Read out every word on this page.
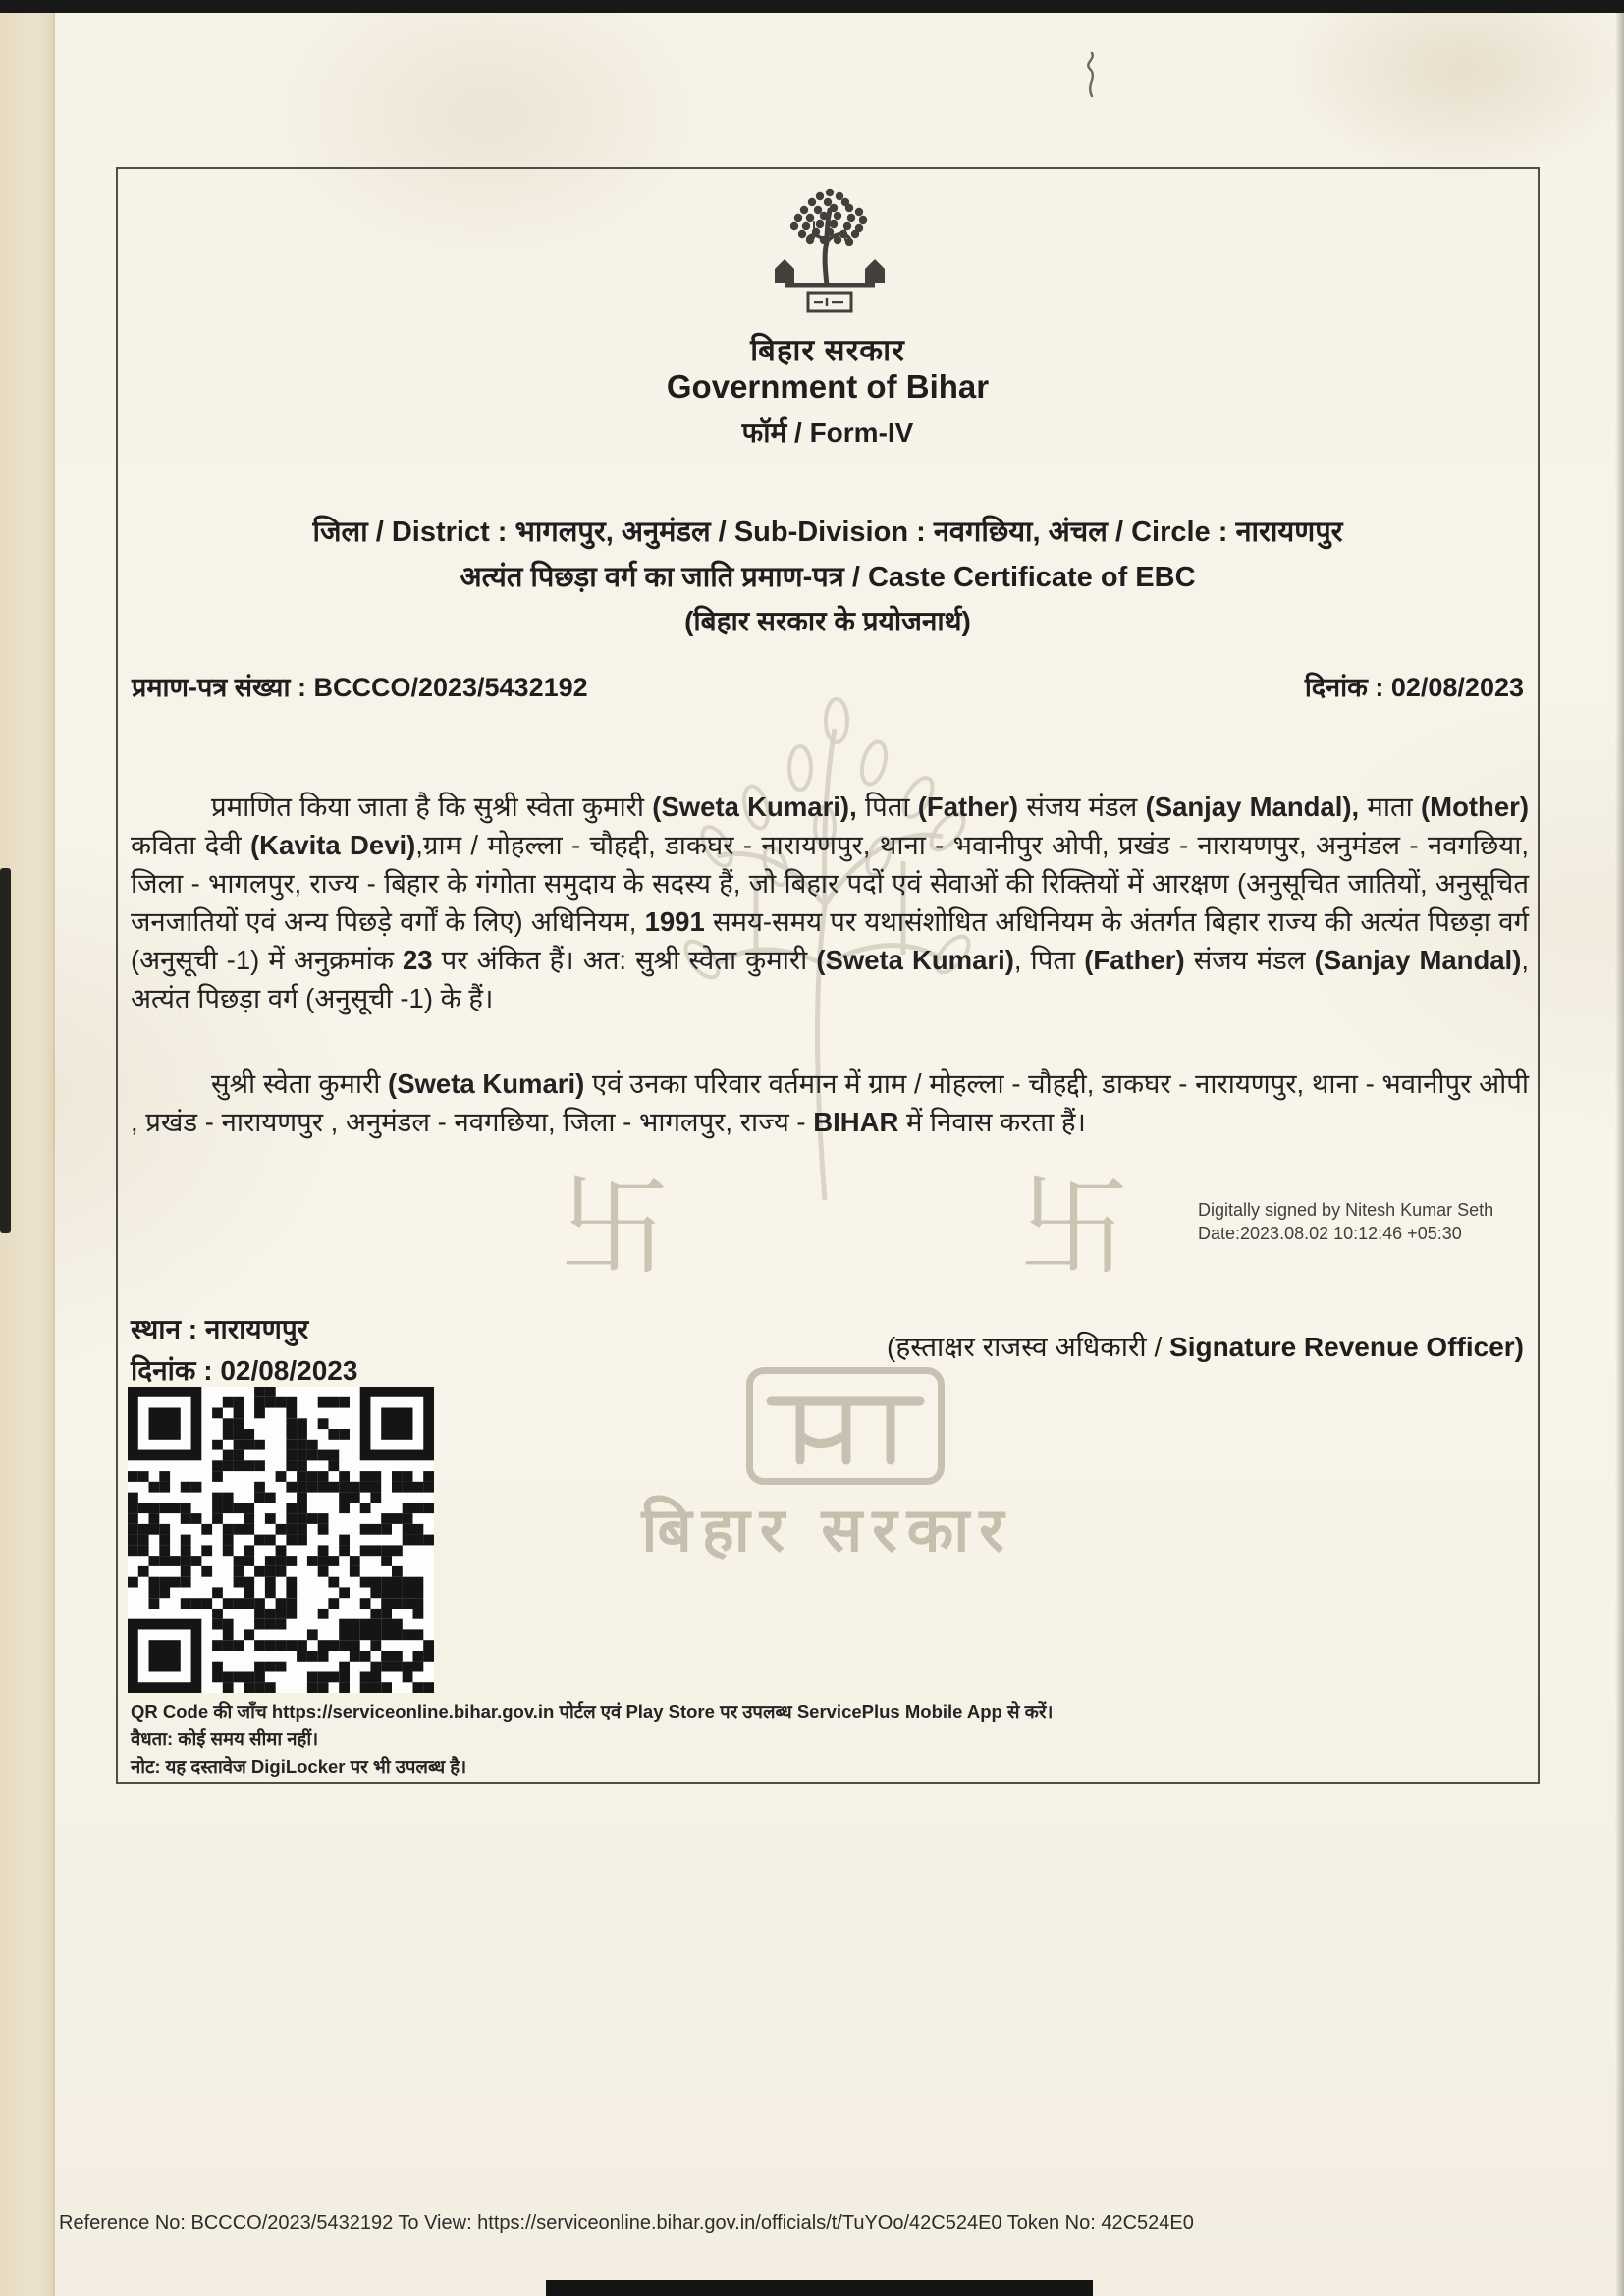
卐	卐
बिहार सरकार
बिहार सरकार
Government of Bihar
फॉर्म / Form-IV
जिला / District : भागलपुर, अनुमंडल / Sub-Division : नवगछिया, अंचल / Circle : नारायणपुर
अत्यंत पिछड़ा वर्ग का जाति प्रमाण-पत्र / Caste Certificate of EBC
(बिहार सरकार के प्रयोजनार्थ)
प्रमाण-पत्र संख्या : BCCCO/2023/5432192	दिनांक : 02/08/2023
प्रमाणित किया जाता है कि सुश्री स्वेता कुमारी (Sweta Kumari), पिता (Father) संजय मंडल (Sanjay Mandal), माता (Mother) कविता देवी (Kavita Devi),ग्राम / मोहल्ला - चौहद्दी, डाकघर - नारायणपुर, थाना - भवानीपुर ओपी, प्रखंड - नारायणपुर, अनुमंडल - नवगछिया, जिला - भागलपुर, राज्य - बिहार के गंगोता समुदाय के सदस्य हैं, जो बिहार पदों एवं सेवाओं की रिक्तियों में आरक्षण (अनुसूचित जातियों, अनुसूचित जनजातियों एवं अन्य पिछड़े वर्गों के लिए) अधिनियम, 1991 समय-समय पर यथासंशोधित अधिनियम के अंतर्गत बिहार राज्य की अत्यंत पिछड़ा वर्ग (अनुसूची -1) में अनुक्रमांक 23 पर अंकित हैं। अत: सुश्री स्वेता कुमारी (Sweta Kumari), पिता (Father) संजय मंडल (Sanjay Mandal), अत्यंत पिछड़ा वर्ग (अनुसूची -1) के हैं।
सुश्री स्वेता कुमारी (Sweta Kumari) एवं उनका परिवार वर्तमान में ग्राम / मोहल्ला - चौहद्दी, डाकघर - नारायणपुर, थाना - भवानीपुर ओपी , प्रखंड - नारायणपुर , अनुमंडल - नवगछिया, जिला - भागलपुर, राज्य - BIHAR में निवास करता हैं।
Digitally signed by Nitesh Kumar Seth
Date:2023.08.02 10:12:46 +05:30
स्थान : नारायणपुर
दिनांक : 02/08/2023
(हस्ताक्षर राजस्व अधिकारी / Signature Revenue Officer)
QR Code की जाँच https://serviceonline.bihar.gov.in पोर्टल एवं Play Store पर उपलब्ध ServicePlus Mobile App से करें।
वैधता: कोई समय सीमा नहीं।
नोट: यह दस्तावेज DigiLocker पर भी उपलब्ध है।
Reference No: BCCCO/2023/5432192 To View: https://serviceonline.bihar.gov.in/officials/t/TuYOo/42C524E0 Token No: 42C524E0
